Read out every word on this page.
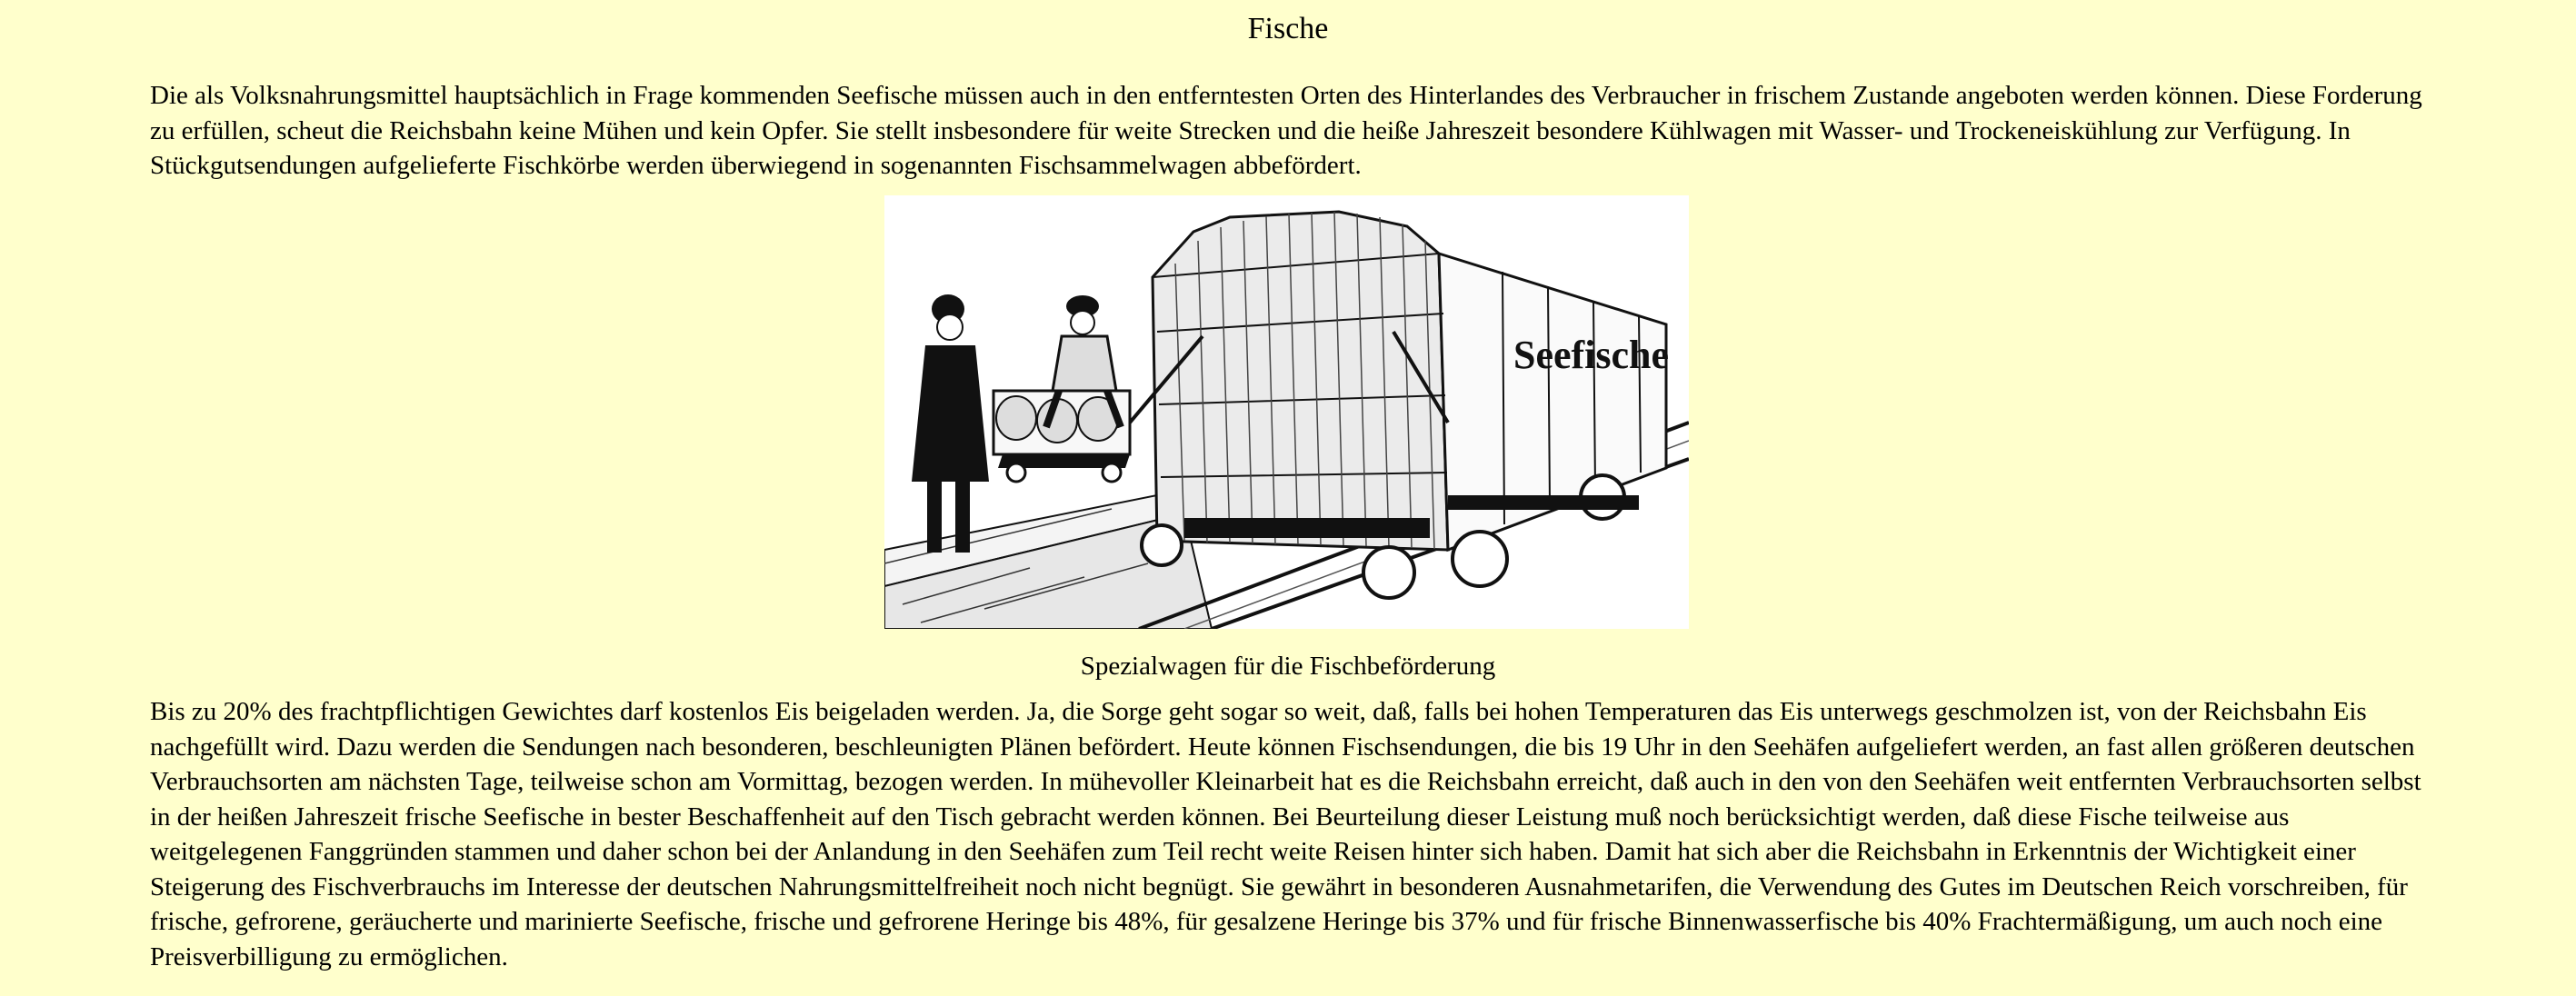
Fische

Die als Volksnahrungsmittel hauptsächlich in Frage kommenden Seefische müssen auch in den entferntesten Orten des Hinterlandes des Verbraucher in frischem Zustande angeboten werden können. Diese Forderung zu erfüllen, scheut die Reichsbahn keine Mühen und kein Opfer. Sie stellt insbesondere für weite Strecken und die heiße Jahreszeit besondere Kühlwagen mit Wasser- und Trockeneiskühlung zur Verfügung. In Stückgutsendungen aufgelieferte Fischkörbe werden überwiegend in sogenannten Fischsammelwagen abbefördert.

Seefische

Spezialwagen für die Fischbeförderung

Bis zu 20% des frachtpflichtigen Gewichtes darf kostenlos Eis beigeladen werden. Ja, die Sorge geht sogar so weit, daß, falls bei hohen Temperaturen das Eis unterwegs geschmolzen ist, von der Reichsbahn Eis nachgefüllt wird. Dazu werden die Sendungen nach besonderen, beschleunigten Plänen befördert. Heute können Fischsendungen, die bis 19 Uhr in den Seehäfen aufgeliefert werden, an fast allen größeren deutschen Verbrauchsorten am nächsten Tage, teilweise schon am Vormittag, bezogen werden. In mühevoller Kleinarbeit hat es die Reichsbahn erreicht, daß auch in den von den Seehäfen weit entfernten Verbrauchsorten selbst in der heißen Jahreszeit frische Seefische in bester Beschaffenheit auf den Tisch gebracht werden können. Bei Beurteilung dieser Leistung muß noch berücksichtigt werden, daß diese Fische teilweise aus weitgelegenen Fanggründen stammen und daher schon bei der Anlandung in den Seehäfen zum Teil recht weite Reisen hinter sich haben. Damit hat sich aber die Reichsbahn in Erkenntnis der Wichtigkeit einer Steigerung des Fischverbrauchs im Interesse der deutschen Nahrungsmittelfreiheit noch nicht begnügt. Sie gewährt in besonderen Ausnahmetarifen, die Verwendung des Gutes im Deutschen Reich vorschreiben, für frische, gefrorene, geräucherte und marinierte Seefische, frische und gefrorene Heringe bis 48%, für gesalzene Heringe bis 37% und für frische Binnenwasserfische bis 40% Frachtermäßigung, um auch noch eine Preisverbilligung zu ermöglichen.
